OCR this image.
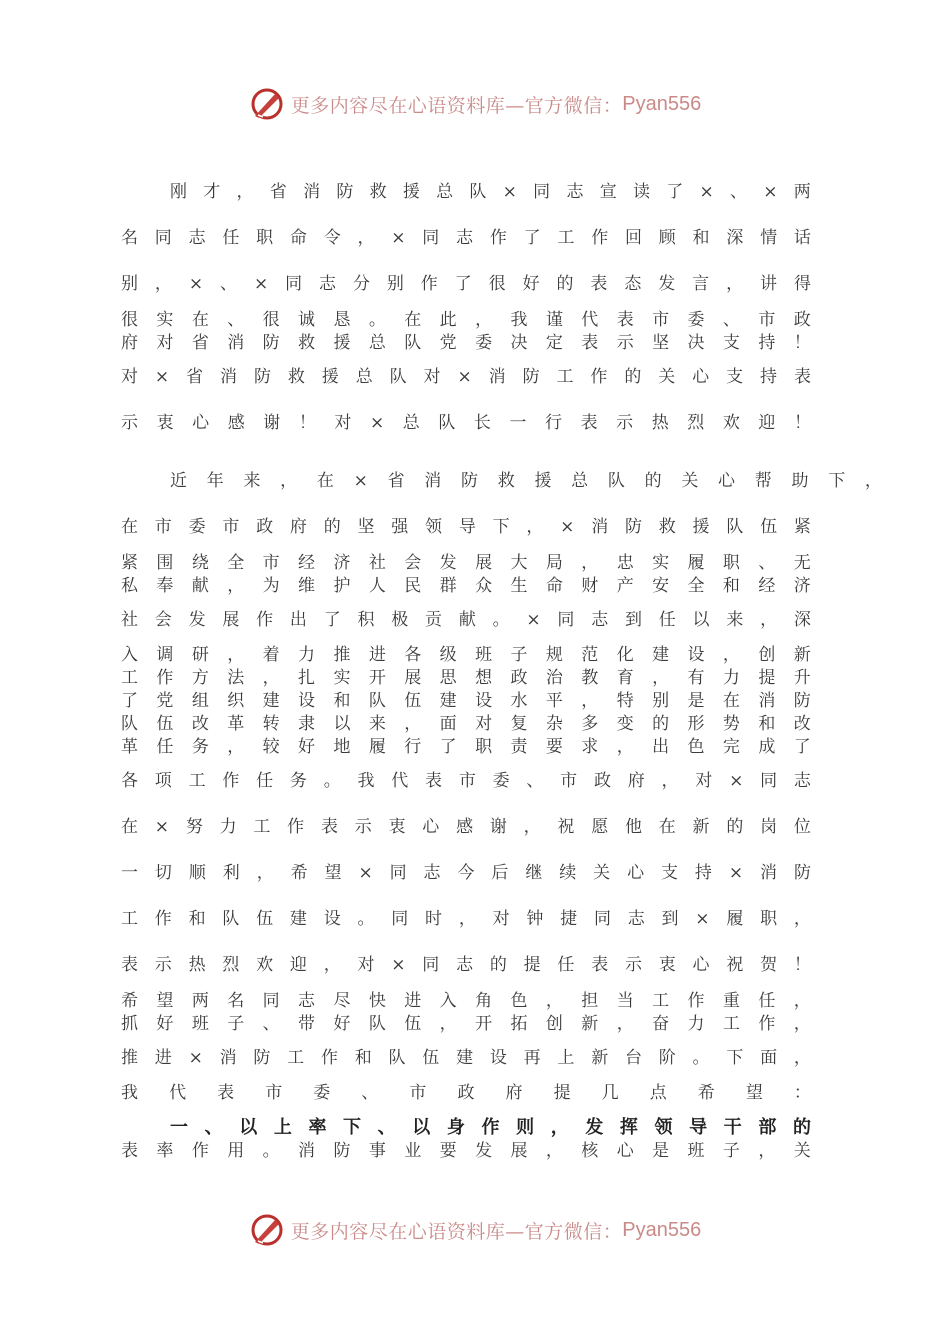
更多内容尽在心语资料库—官方微信： Pyan556
刚 才 ， 省 消 防 救 援 总 队 × 同 志 宣 读 了 × 、 × 两
名 同 志 任 职 命 令 ， × 同 志 作 了 工 作 回 顾 和 深 情 话
别 ， × 、 × 同 志 分 别 作 了 很 好 的 表 态 发 言 ， 讲 得
很 实 在 、 很 诚 恳 。 在 此 ， 我 谨 代 表 市 委 、 市 政
府 对 省 消 防 救 援 总 队 党 委 决 定 表 示 坚 决 支 持 ！
对 × 省 消 防 救 援 总 队 对 × 消 防 工 作 的 关 心 支 持 表
示 衷 心 感 谢 ！ 对 × 总 队 长 一 行 表 示 热 烈 欢 迎 ！
近 年 来 ， 在 × 省 消 防 救 援 总 队 的 关 心 帮 助 下 ，
在 市 委 市 政 府 的 坚 强 领 导 下 ， × 消 防 救 援 队 伍 紧
紧 围 绕 全 市 经 济 社 会 发 展 大 局 ， 忠 实 履 职 、 无
私 奉 献 ， 为 维 护 人 民 群 众 生 命 财 产 安 全 和 经 济
社 会 发 展 作 出 了 积 极 贡 献 。 × 同 志 到 任 以 来 ， 深
入 调 研 ， 着 力 推 进 各 级 班 子 规 范 化 建 设 ， 创 新
工 作 方 法 ， 扎 实 开 展 思 想 政 治 教 育 ， 有 力 提 升
了 党 组 织 建 设 和 队 伍 建 设 水 平 ， 特 别 是 在 消 防
队 伍 改 革 转 隶 以 来 ， 面 对 复 杂 多 变 的 形 势 和 改
革 任 务 ， 较 好 地 履 行 了 职 责 要 求 ， 出 色 完 成 了
各 项 工 作 任 务 。 我 代 表 市 委 、 市 政 府 ， 对 × 同 志
在 × 努 力 工 作 表 示 衷 心 感 谢 ， 祝 愿 他 在 新 的 岗 位
一 切 顺 利 ， 希 望 × 同 志 今 后 继 续 关 心 支 持 × 消 防
工 作 和 队 伍 建 设 。 同 时 ， 对 钟 捷 同 志 到 × 履 职 ，
表 示 热 烈 欢 迎 ， 对 × 同 志 的 提 任 表 示 衷 心 祝 贺 ！
希 望 两 名 同 志 尽 快 进 入 角 色 ， 担 当 工 作 重 任 ，
抓 好 班 子 、 带 好 队 伍 ， 开 拓 创 新 ， 奋 力 工 作 ，
推 进 × 消 防 工 作 和 队 伍 建 设 再 上 新 台 阶 。 下 面 ，
我 代 表 市 委 、 市 政 府 提 几 点 希 望 ：
一 、 以 上 率 下 、 以 身 作 则 ， 发 挥 领 导 干 部 的
表 率 作 用 。 消 防 事 业 要 发 展 ， 核 心 是 班 子 ， 关
更多内容尽在心语资料库—官方微信： Pyan556
